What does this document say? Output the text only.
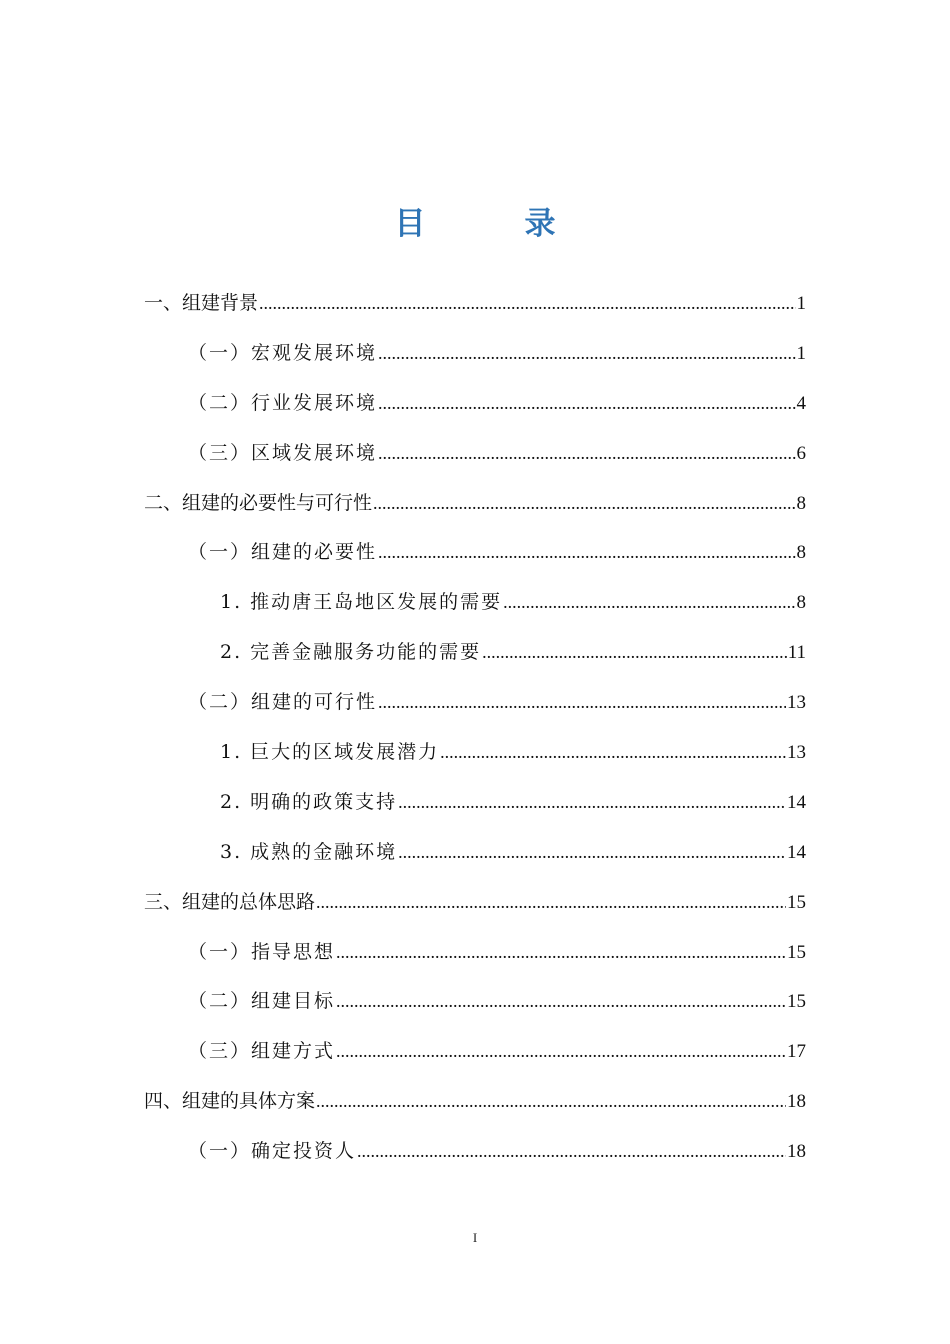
目　录
一、组建背景 .....	1
（一）宏观发展环境 .....	1
（二）行业发展环境 .....	4
（三）区域发展环境 .....	6
二、组建的必要性与可行性 .....	8
（一）组建的必要性 .....	8
1. 推动唐王岛地区发展的需要 .....	8
2. 完善金融服务功能的需要 .....	11
（二）组建的可行性 .....	13
1. 巨大的区域发展潜力 .....	13
2. 明确的政策支持 .....	14
3. 成熟的金融环境 .....	14
三、组建的总体思路 .....	15
（一）指导思想 .....	15
（二）组建目标 .....	15
（三）组建方式 .....	17
四、组建的具体方案 .....	18
（一）确定投资人 .....	18
I
